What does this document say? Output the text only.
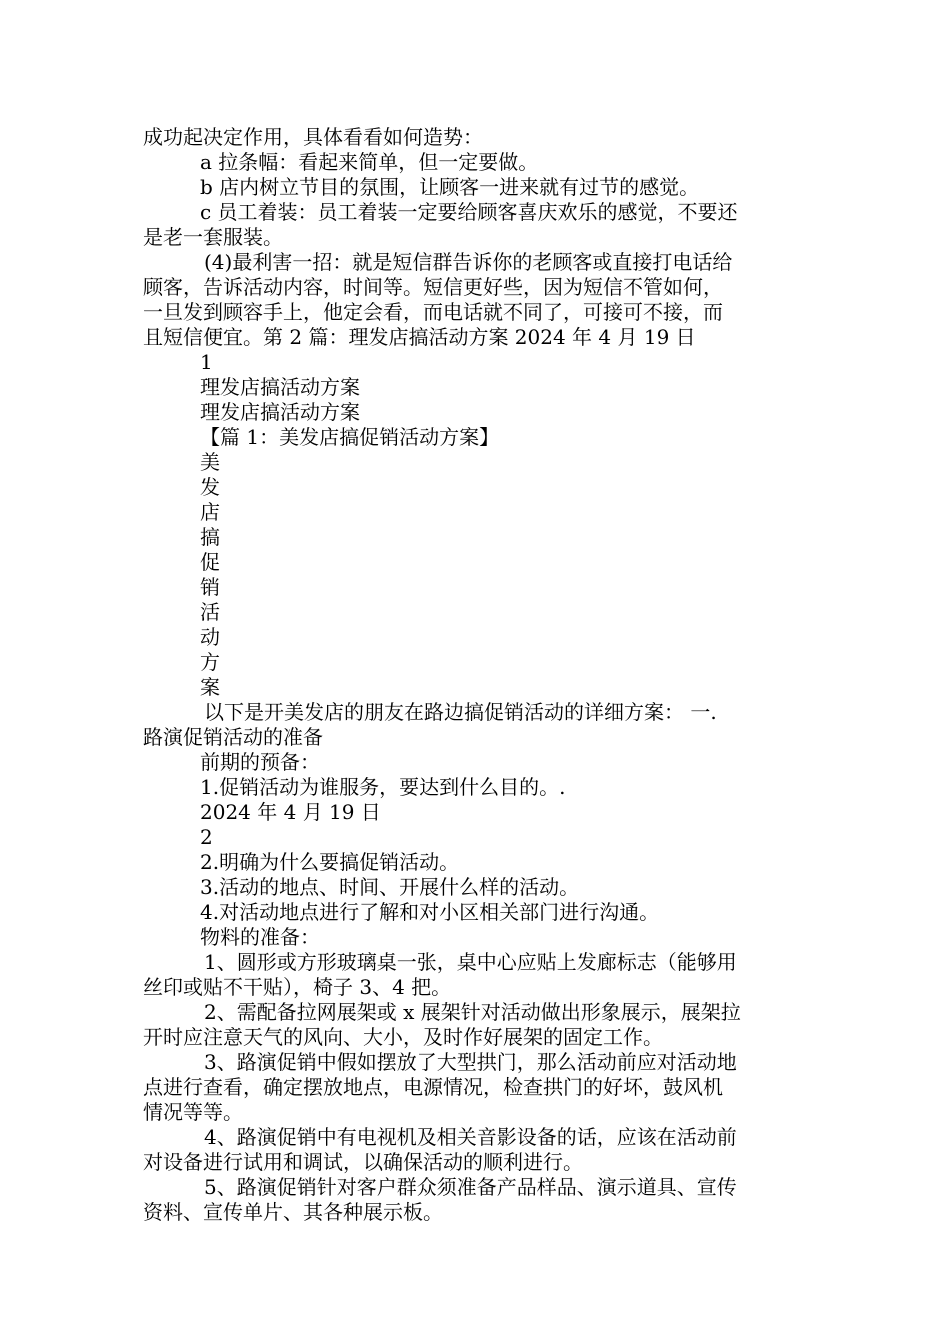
成功起决定作用，具体看看如何造势：
a 拉条幅：看起来简单，但一定要做。
b 店内树立节目的氛围，让顾客一进来就有过节的感觉。
c 员工着装：员工着装一定要给顾客喜庆欢乐的感觉，不要还
是老一套服装。
(4)最利害一招：就是短信群告诉你的老顾客或直接打电话给
顾客，告诉活动内容，时间等。短信更好些，因为短信不管如何，
一旦发到顾容手上，他定会看，而电话就不同了，可接可不接，而
且短信便宜。第 2 篇：理发店搞活动方案 2024 年 4 月 19 日
1
理发店搞活动方案
理发店搞活动方案
【篇 1：美发店搞促销活动方案】
美
发
店
搞
促
销
活
动
方
案
以下是开美发店的朋友在路边搞促销活动的详细方案： 一.
路演促销活动的准备
前期的预备：
1.促销活动为谁服务，要达到什么目的。.
2024 年 4 月 19 日
2
2.明确为什么要搞促销活动。
3.活动的地点、时间、开展什么样的活动。
4.对活动地点进行了解和对小区相关部门进行沟通。
物料的准备：
1、圆形或方形玻璃桌一张，桌中心应贴上发廊标志（能够用
丝印或贴不干贴），椅子 3、4 把。
2、需配备拉网展架或 x 展架针对活动做出形象展示，展架拉
开时应注意天气的风向、大小，及时作好展架的固定工作。
3、路演促销中假如摆放了大型拱门，那么活动前应对活动地
点进行查看，确定摆放地点，电源情况，检查拱门的好坏，鼓风机
情况等等。
4、路演促销中有电视机及相关音影设备的话，应该在活动前
对设备进行试用和调试，以确保活动的顺利进行。
5、路演促销针对客户群众须准备产品样品、演示道具、宣传
资料、宣传单片、其各种展示板。
